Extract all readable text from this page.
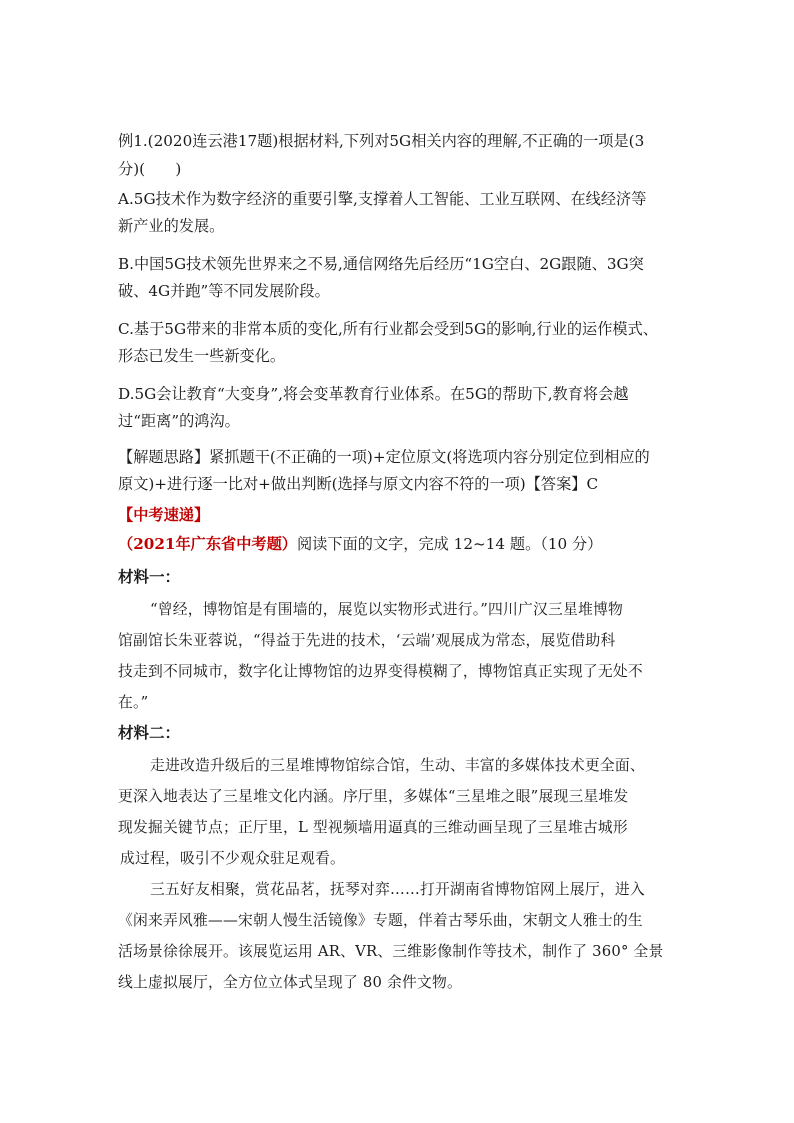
例1.(2020连云港17题)根据材料,下列对5G相关内容的理解,不正确的一项是(3
分)(　　)
A.5G技术作为数字经济的重要引擎,支撑着人工智能、工业互联网、在线经济等
新产业的发展。
B.中国5G技术领先世界来之不易,通信网络先后经历“1G空白、2G跟随、3G突
破、4G并跑”等不同发展阶段。
C.基于5G带来的非常本质的变化,所有行业都会受到5G的影响,行业的运作模式、
形态已发生一些新变化。
D.5G会让教育“大变身”,将会变革教育行业体系。在5G的帮助下,教育将会越
过“距离”的鸿沟。
【解题思路】紧抓题干(不正确的一项)+定位原文(将选项内容分别定位到相应的
原文)+进行逐一比对+做出判断(选择与原文内容不符的一项)【答案】C
【中考速递】
（2021年广东省中考题）阅读下面的文字，完成 12~14 题。（10 分）
材料一：
“曾经，博物馆是有围墙的，展览以实物形式进行。”四川广汉三星堆博物
馆副馆长朱亚蓉说，“得益于先进的技术，‘云端’观展成为常态，展览借助科
技走到不同城市，数字化让博物馆的边界变得模糊了，博物馆真正实现了无处不
在。”
材料二：
走进改造升级后的三星堆博物馆综合馆，生动、丰富的多媒体技术更全面、
更深入地表达了三星堆文化内涵。序厅里，多媒体“三星堆之眼”展现三星堆发
现发掘关键节点；正厅里，L 型视频墙用逼真的三维动画呈现了三星堆古城形
成过程，吸引不少观众驻足观看。
三五好友相聚，赏花品茗，抚琴对弈……打开湖南省博物馆网上展厅，进入
《闲来弄风雅——宋朝人慢生活镜像》专题，伴着古琴乐曲，宋朝文人雅士的生
活场景徐徐展开。该展览运用 AR、VR、三维影像制作等技术，制作了 360° 全景
线上虚拟展厅，全方位立体式呈现了 80 余件文物。
